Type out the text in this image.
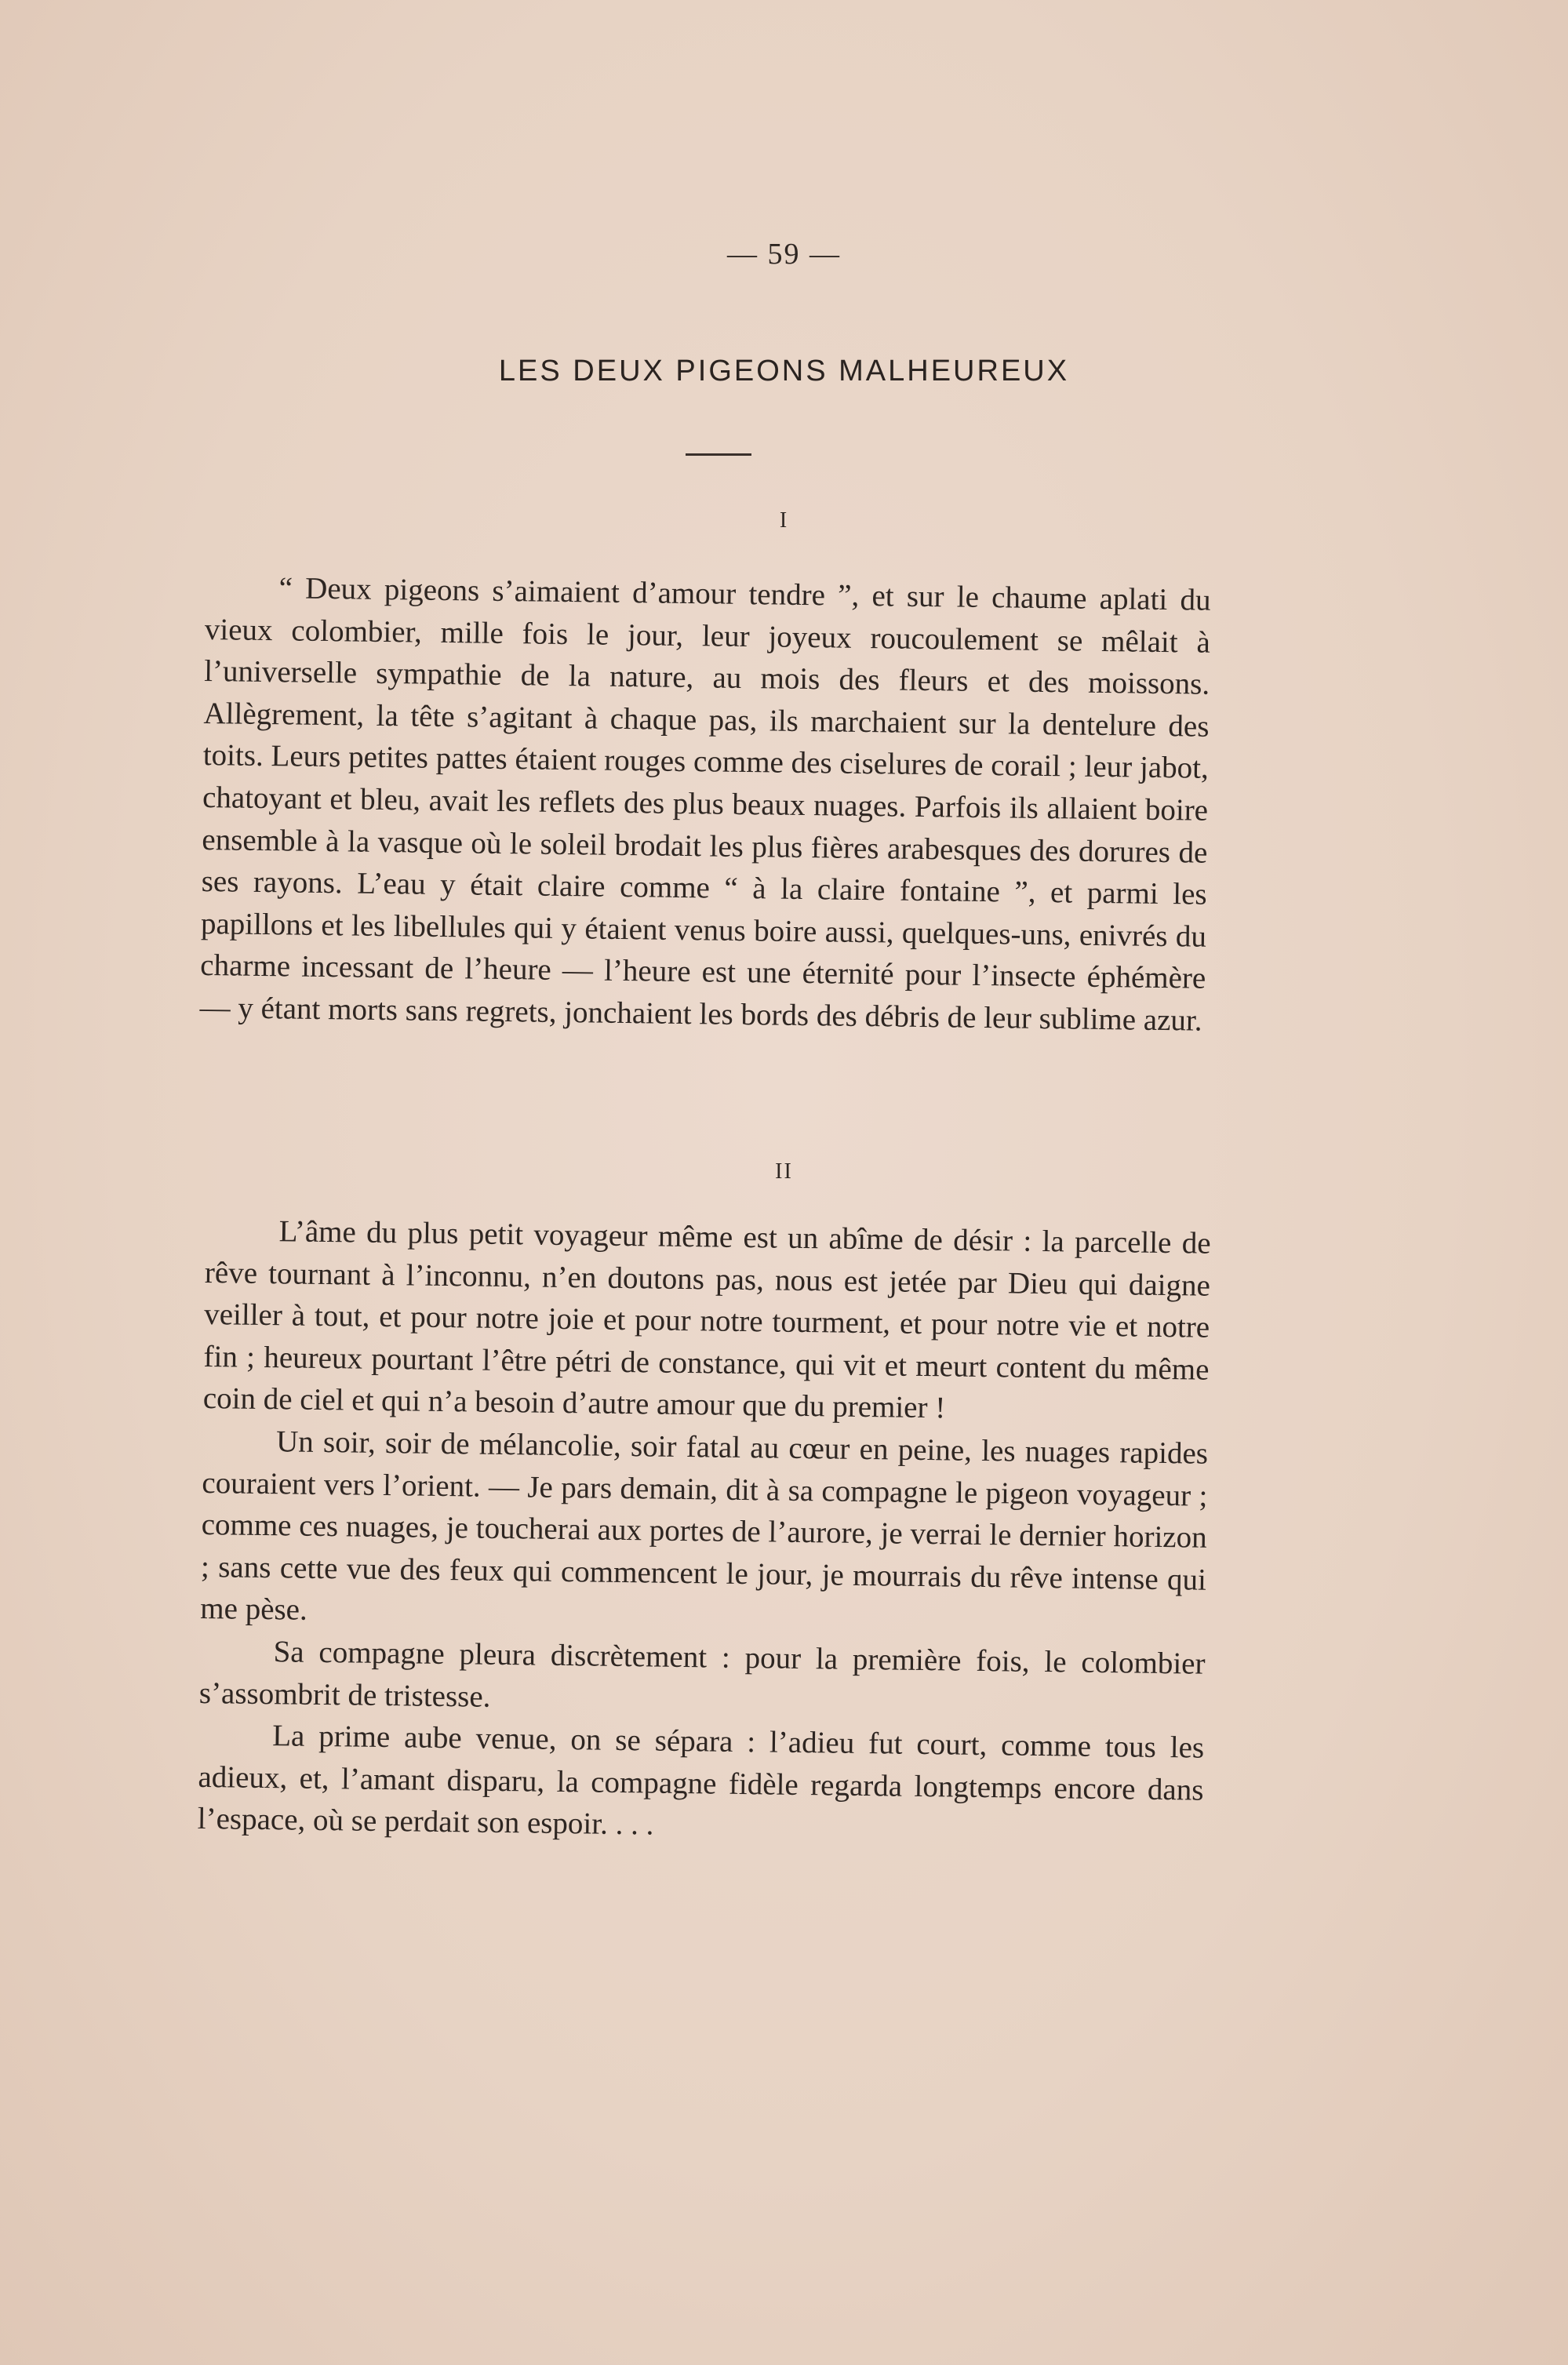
— 59 —
LES DEUX PIGEONS MALHEUREUX
I

“ Deux pigeons s’aimaient d’amour tendre ”, et sur le chaume aplati du vieux colombier, mille fois le jour, leur joyeux roucoulement se mêlait à l’universelle sympathie de la nature, au mois des fleurs et des moissons. Allègrement, la tête s’agitant à chaque pas, ils marchaient sur la dentelure des toits. Leurs petites pattes étaient rouges comme des ciselures de corail ; leur jabot, chatoyant et bleu, avait les reflets des plus beaux nuages. Parfois ils allaient boire ensemble à la vasque où le soleil brodait les plus fières arabesques des dorures de ses rayons. L’eau y était claire comme “ à la claire fontaine ”, et parmi les papillons et les libellules qui y étaient venus boire aussi, quelques-uns, enivrés du charme incessant de l’heure — l’heure est une éternité pour l’insecte éphémère — y étant morts sans regrets, jonchaient les bords des débris de leur sublime azur.

II

L’âme du plus petit voyageur même est un abîme de désir : la parcelle de rêve tournant à l’inconnu, n’en doutons pas, nous est jetée par Dieu qui daigne veiller à tout, et pour notre joie et pour notre tourment, et pour notre vie et notre fin ; heureux pourtant l’être pétri de constance, qui vit et meurt content du même coin de ciel et qui n’a besoin d’autre amour que du premier !

Un soir, soir de mélancolie, soir fatal au cœur en peine, les nuages rapides couraient vers l’orient. — Je pars demain, dit à sa compagne le pigeon voyageur ; comme ces nuages, je toucherai aux portes de l’aurore, je verrai le dernier horizon ; sans cette vue des feux qui commencent le jour, je mourrais du rêve intense qui me pèse.

Sa compagne pleura discrètement : pour la première fois, le colombier s’assombrit de tristesse.

La prime aube venue, on se sépara : l’adieu fut court, comme tous les adieux, et, l’amant disparu, la compagne fidèle regarda longtemps encore dans l’espace, où se perdait son espoir. . . .
